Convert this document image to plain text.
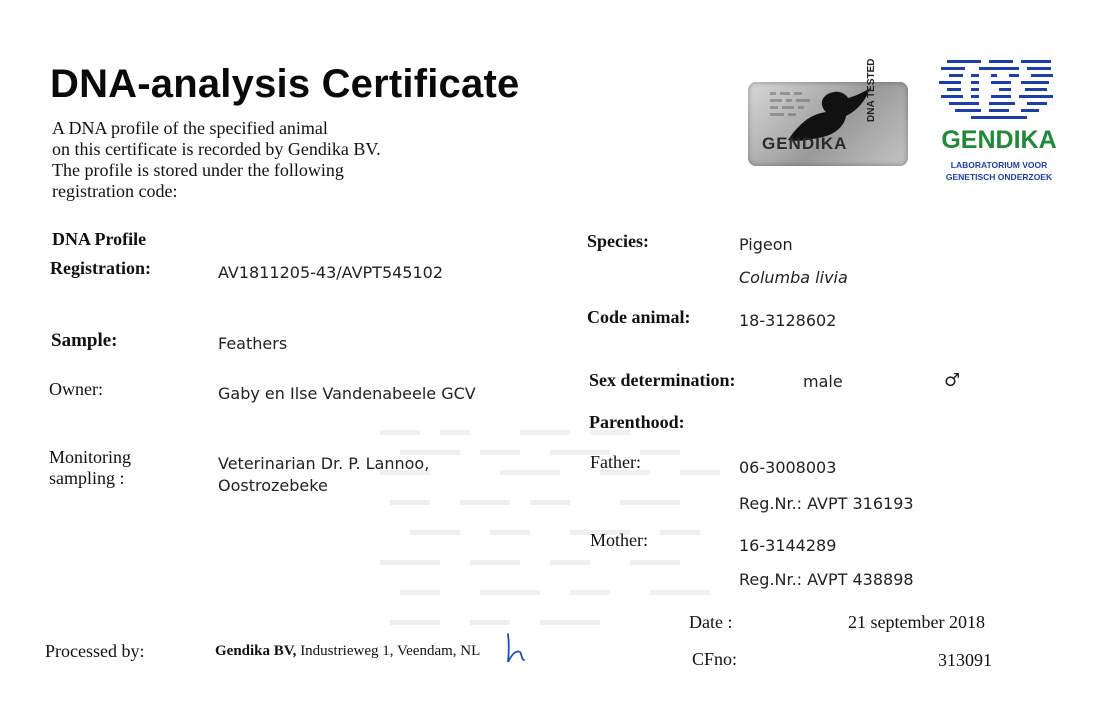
DNA-analysis Certificate
A DNA profile of the specified animal
on this certificate is recorded by Gendika BV.
The profile is stored under the following
registration code:
GENDIKA
DNA TESTED
GENDIKA
LABORATORIUM VOOR
GENETISCH ONDERZOEK
DNA Profile
Registration:	AV1811205-43/AVPT545102
Sample:	Feathers
Owner:	Gaby en Ilse Vandenabeele GCV
Monitoring
sampling :
Veterinarian Dr. P. Lannoo,
Oostrozebeke
Species:	Pigeon
Columba livia
Code animal:	18-3128602
Sex determination:	male	♂
Parenthood:
Father:	06-3008003
Reg.Nr.: AVPT 316193
Mother:	16-3144289
Reg.Nr.: AVPT 438898
Processed by:	Gendika BV, Industrieweg 1, Veendam, NL
Date :	21 september 2018
CFno:	313091
